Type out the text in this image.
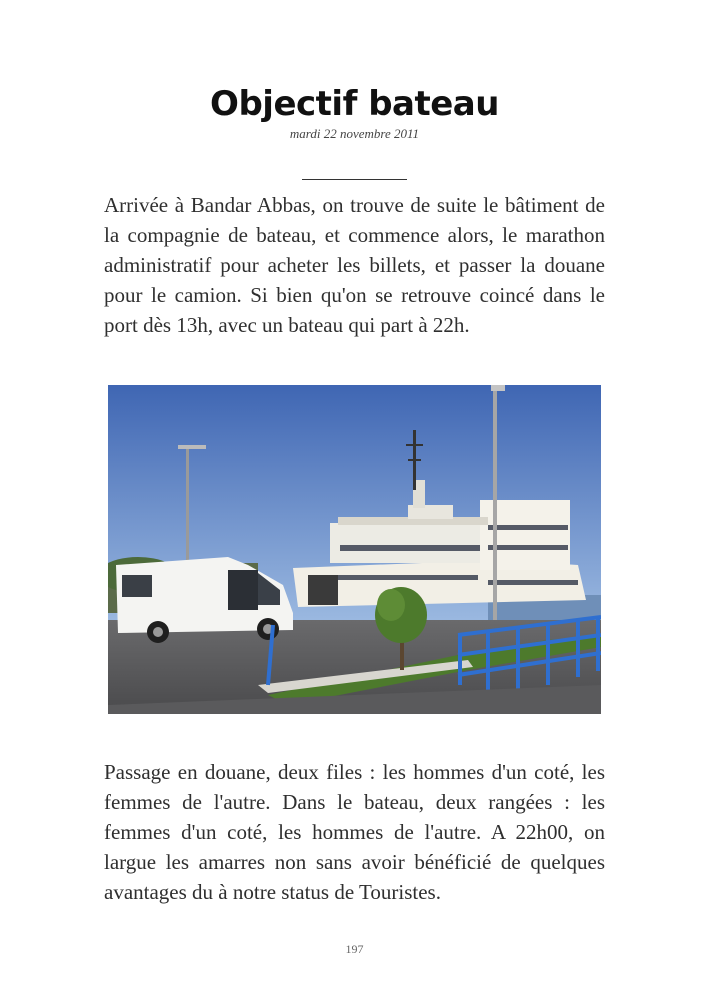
Objectif bateau
mardi 22 novembre 2011

Arrivée à Bandar Abbas, on trouve de suite le bâtiment de la compagnie de bateau, et commence alors, le marathon administratif pour acheter les billets, et passer la douane pour le camion. Si bien qu'on se retrouve coincé dans le port dès 13h, avec un bateau qui part à 22h.

Passage en douane, deux files : les hommes d'un coté, les femmes de l'autre. Dans le bateau, deux rangées : les femmes d'un coté, les hommes de l'autre. A 22h00, on largue les amarres non sans avoir bénéficié de quelques avantages du à notre status de Touristes.

197
